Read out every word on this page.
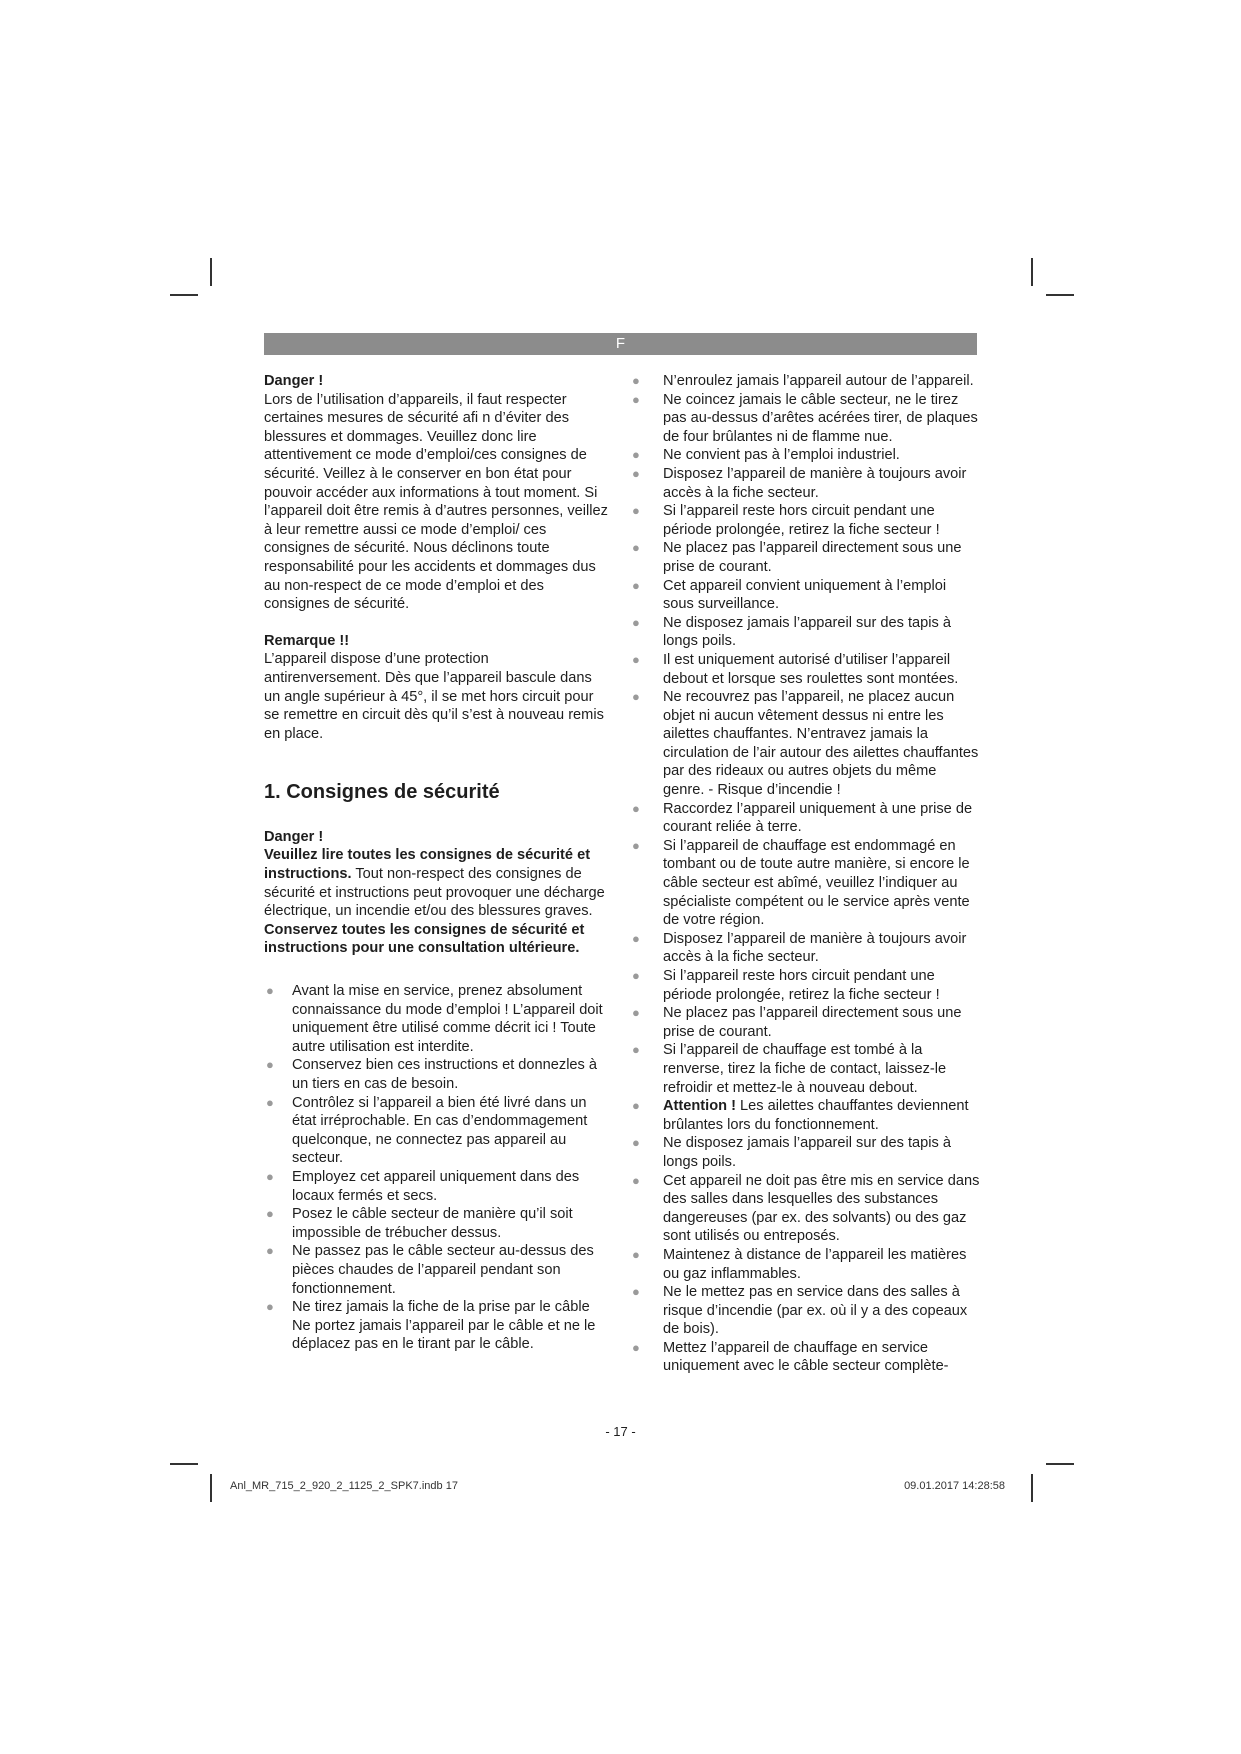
F

Danger !

Lors de l’utilisation d’appareils, il faut respecter certaines mesures de sécurité afi n d’éviter des blessures et dommages. Veuillez donc lire attentivement ce mode d’emploi/ces consignes de sécurité. Veillez à le conserver en bon état pour pouvoir accéder aux informations à tout moment. Si l’appareil doit être remis à d’autres personnes, veillez à leur remettre aussi ce mode d’emploi/ ces consignes de sécurité. Nous déclinons toute responsabilité pour les accidents et dommages dus au non-respect de ce mode d’emploi et des consignes de sécurité.

Remarque !!

L’appareil dispose d’une protection antirenversement. Dès que l’appareil bascule dans un angle supérieur à 45°, il se met hors circuit pour se remettre en circuit dès qu’il s’est à nouveau remis en place.

1. Consignes de sécurité

Danger !

Veuillez lire toutes les consignes de sécurité et instructions. Tout non-respect des consignes de sécurité et instructions peut provoquer une décharge électrique, un incendie et/ou des blessures graves.

Conservez toutes les consignes de sécurité et instructions pour une consultation ultérieure.

● Avant la mise en service, prenez absolument connaissance du mode d’emploi ! L’appareil doit uniquement être utilisé comme décrit ici ! Toute autre utilisation est interdite.
● Conservez bien ces instructions et donnezles à un tiers en cas de besoin.
● Contrôlez si l’appareil a bien été livré dans un état irréprochable. En cas d’endommagement quelconque, ne connectez pas appareil au secteur.
● Employez cet appareil uniquement dans des locaux fermés et secs.
● Posez le câble secteur de manière qu’il soit impossible de trébucher dessus.
● Ne passez pas le câble secteur au-dessus des pièces chaudes de l’appareil pendant son fonctionnement.
● Ne tirez jamais la fiche de la prise par le câble Ne portez jamais l’appareil par le câble et ne le déplacez pas en le tirant par le câble.
● N’enroulez jamais l’appareil autour de l’appareil.
● Ne coincez jamais le câble secteur, ne le tirez pas au-dessus d’arêtes acérées tirer, de plaques de four brûlantes ni de flamme nue.
● Ne convient pas à l’emploi industriel.
● Disposez l’appareil de manière à toujours avoir accès à la fiche secteur.
● Si l’appareil reste hors circuit pendant une période prolongée, retirez la fiche secteur !
● Ne placez pas l’appareil directement sous une prise de courant.
● Cet appareil convient uniquement à l’emploi sous surveillance.
● Ne disposez jamais l’appareil sur des tapis à longs poils.
● Il est uniquement autorisé d’utiliser l’appareil debout et lorsque ses roulettes sont montées.
● Ne recouvrez pas l’appareil, ne placez aucun objet ni aucun vêtement dessus ni entre les ailettes chauffantes. N’entravez jamais la circulation de l’air autour des ailettes chauffantes par des rideaux ou autres objets du même genre. - Risque d’incendie !
● Raccordez l’appareil uniquement à une prise de courant reliée à terre.
● Si l’appareil de chauffage est endommagé en tombant ou de toute autre manière, si encore le câble secteur est abîmé, veuillez l’indiquer au spécialiste compétent ou le service après vente de votre région.
● Disposez l’appareil de manière à toujours avoir accès à la fiche secteur.
● Si l’appareil reste hors circuit pendant une période prolongée, retirez la fiche secteur !
● Ne placez pas l’appareil directement sous une prise de courant.
● Si l’appareil de chauffage est tombé à la renverse, tirez la fiche de contact, laissez-le refroidir et mettez-le à nouveau debout.
● Attention ! Les ailettes chauffantes deviennent brûlantes lors du fonctionnement.
● Ne disposez jamais l’appareil sur des tapis à longs poils.
● Cet appareil ne doit pas être mis en service dans des salles dans lesquelles des substances dangereuses (par ex. des solvants) ou des gaz sont utilisés ou entreposés.
● Maintenez à distance de l’appareil les matières ou gaz inflammables.
● Ne le mettez pas en service dans des salles à risque d’incendie (par ex. où il y a des copeaux de bois).
● Mettez l’appareil de chauffage en service uniquement avec le câble secteur complète-
- 17 -
Anl_MR_715_2_920_2_1125_2_SPK7.indb 17	09.01.2017 14:28:58
